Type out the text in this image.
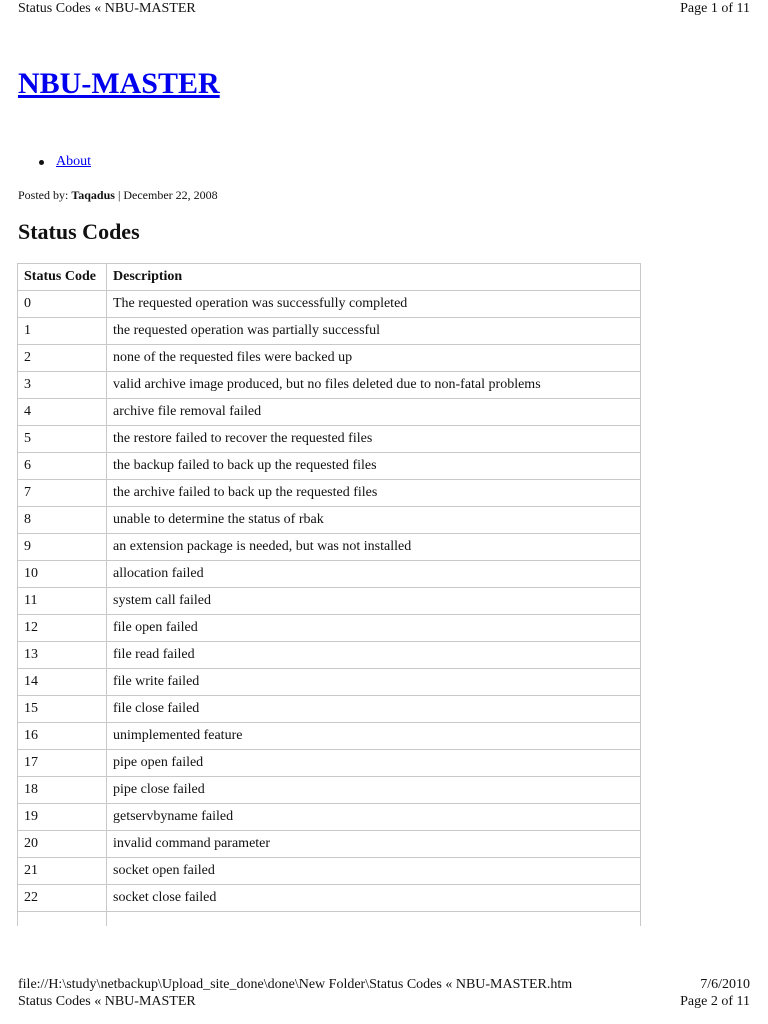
Status Codes « NBU-MASTER	Page 1 of 11
NBU-MASTER
About
Posted by: Taqadus | December 22, 2008
Status Codes
Status Code	Description
0	The requested operation was successfully completed
1	the requested operation was partially successful
2	none of the requested files were backed up
3	valid archive image produced, but no files deleted due to non-fatal problems
4	archive file removal failed
5	the restore failed to recover the requested files
6	the backup failed to back up the requested files
7	the archive failed to back up the requested files
8	unable to determine the status of rbak
9	an extension package is needed, but was not installed
10	allocation failed
11	system call failed
12	file open failed
13	file read failed
14	file write failed
15	file close failed
16	unimplemented feature
17	pipe open failed
18	pipe close failed
19	getservbyname failed
20	invalid command parameter
21	socket open failed
22	socket close failed

file://H:\study\netbackup\Upload_site_done\done\New Folder\Status Codes « NBU-MASTER.htm	7/6/2010
Status Codes « NBU-MASTER	Page 2 of 11
